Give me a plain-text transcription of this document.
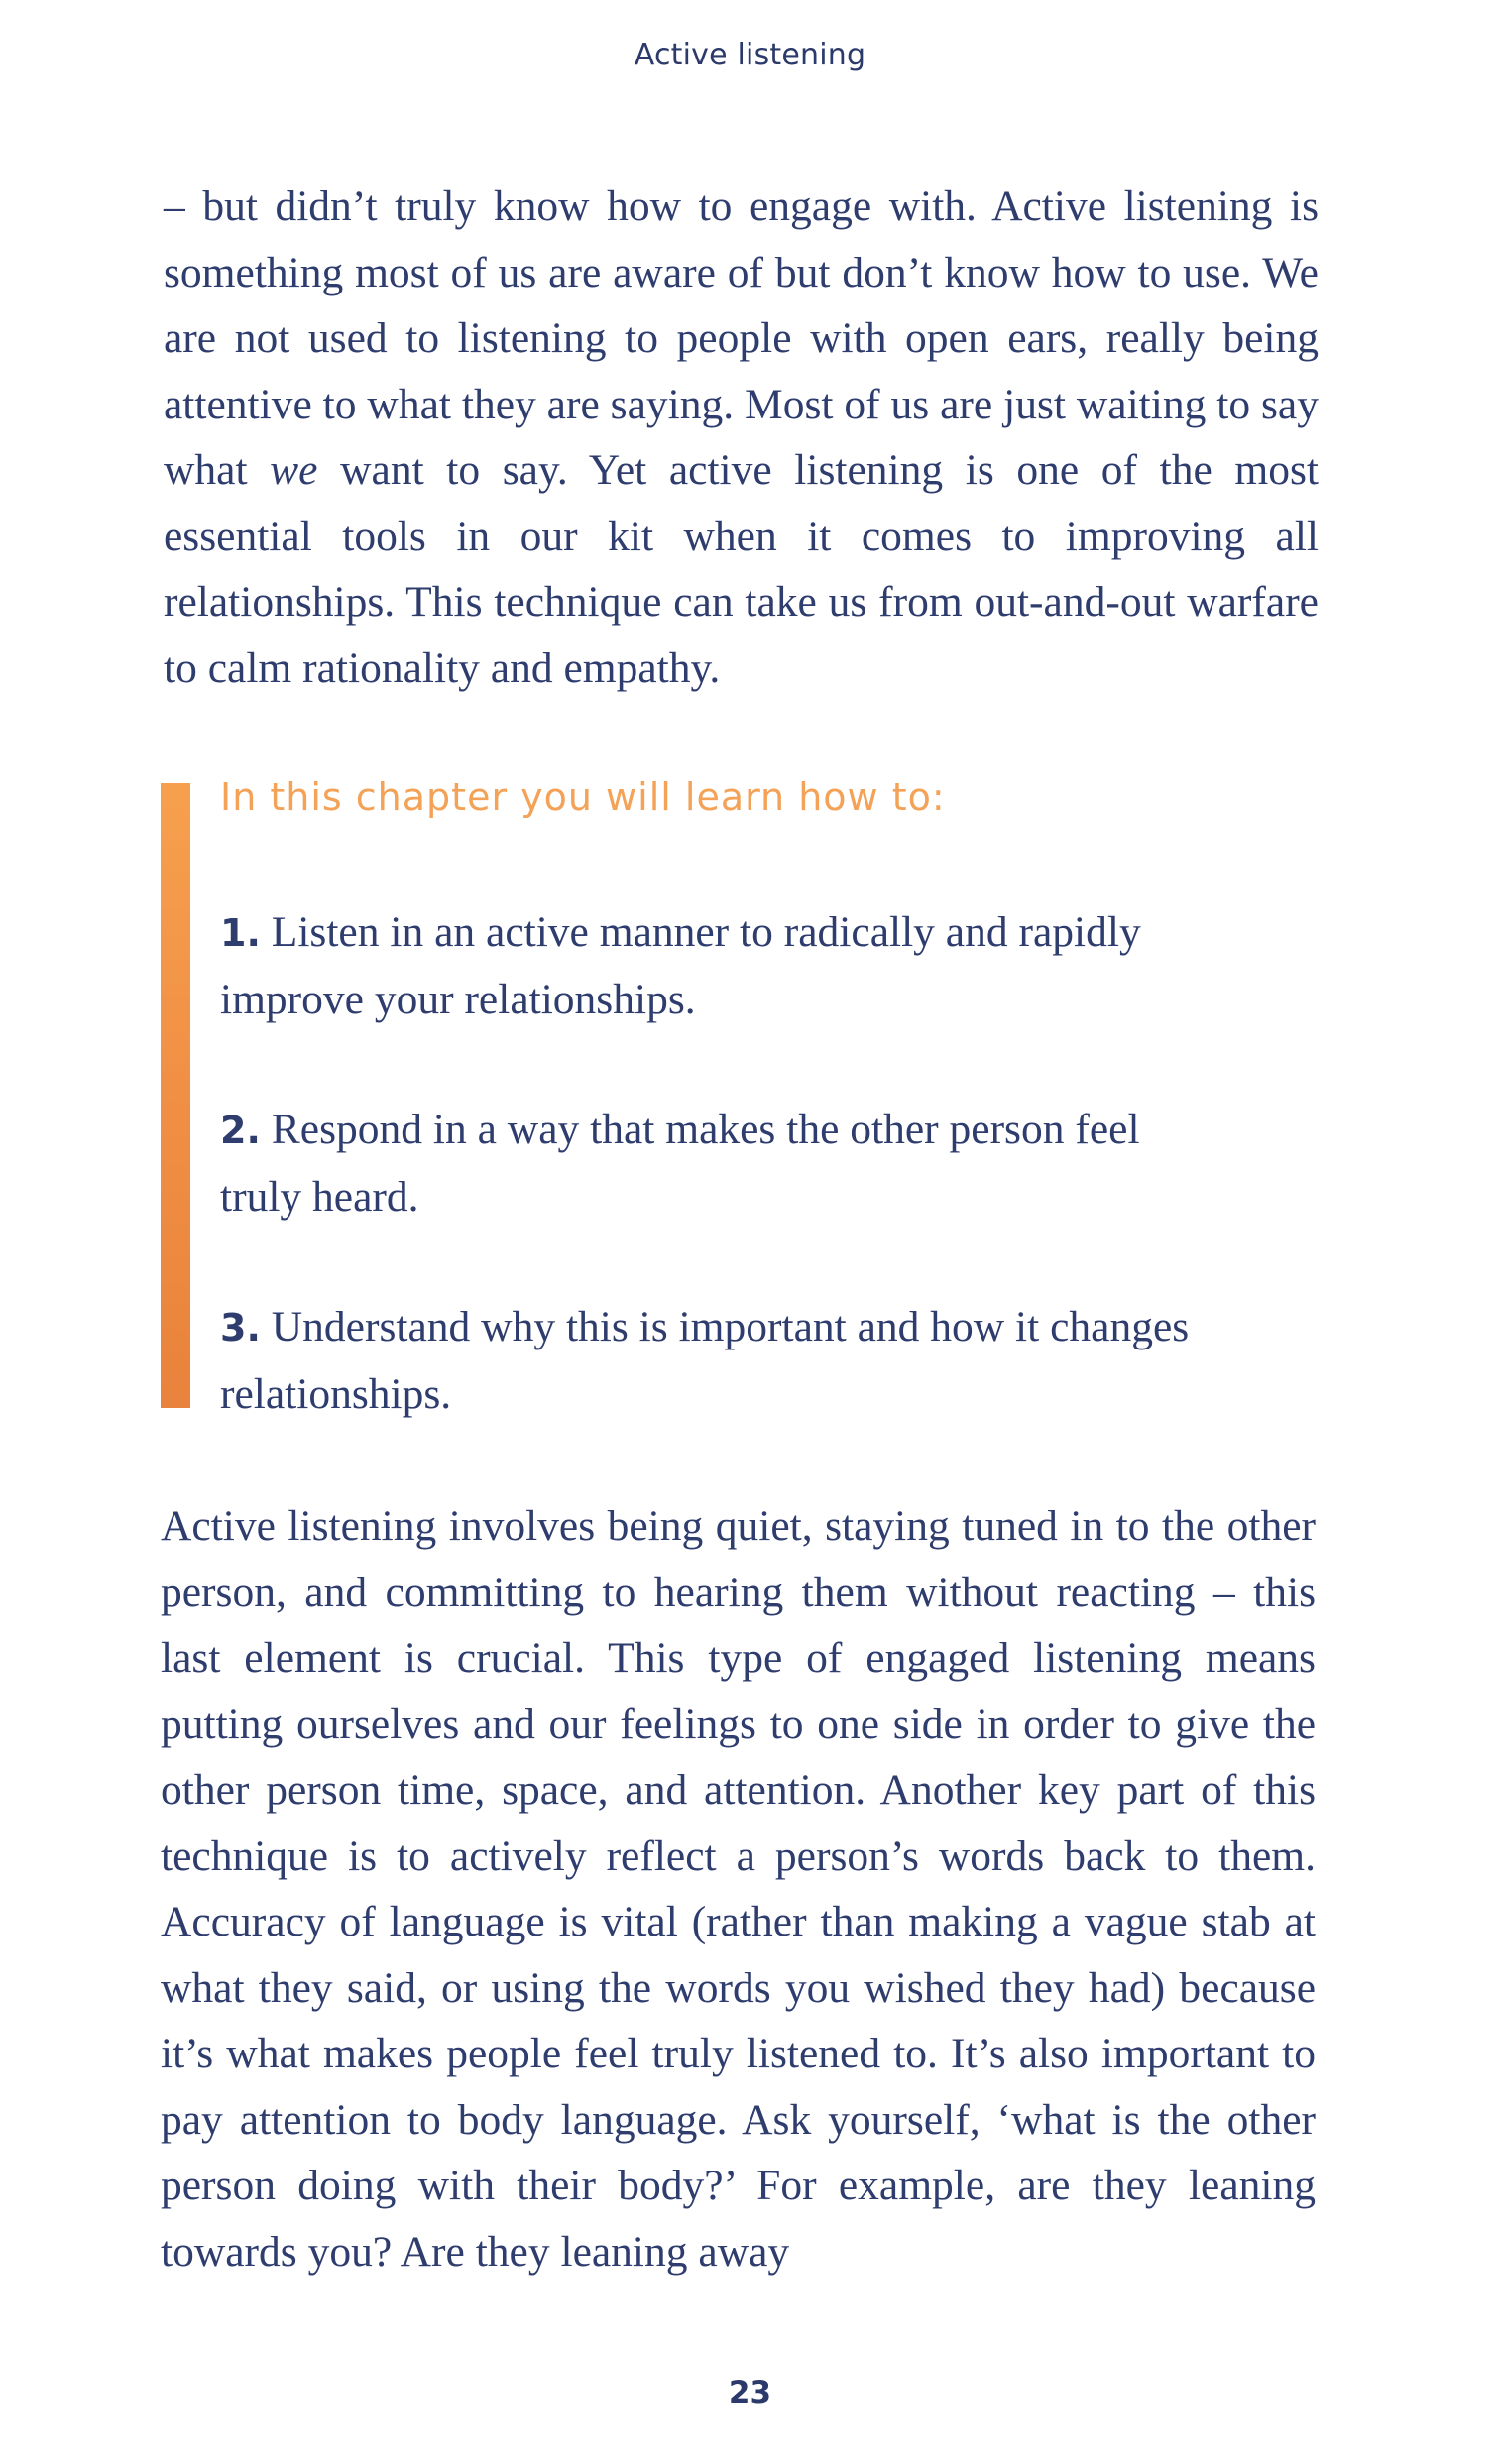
Active listening

– but didn’t truly know how to engage with. Active listening is something most of us are aware of but don’t know how to use. We are not used to listening to people with open ears, really being attentive to what they are saying. Most of us are just waiting to say what we want to say. Yet active listening is one of the most essential tools in our kit when it comes to improving all relationships. This technique can take us from out-and-out warfare to calm rationality and empathy.

In this chapter you will learn how to:

1. Listen in an active manner to radically and rapidly improve your relationships.

2. Respond in a way that makes the other person feel truly heard.

3. Understand why this is important and how it changes relationships.

Active listening involves being quiet, staying tuned in to the other person, and committing to hearing them without reacting – this last element is crucial. This type of engaged listening means putting ourselves and our feelings to one side in order to give the other person time, space, and attention. Another key part of this technique is to actively reflect a person’s words back to them. Accuracy of language is vital (rather than making a vague stab at what they said, or using the words you wished they had) because it’s what makes people feel truly listened to. It’s also important to pay attention to body language. Ask yourself, ‘what is the other person doing with their body?’ For example, are they leaning towards you? Are they leaning away

23
